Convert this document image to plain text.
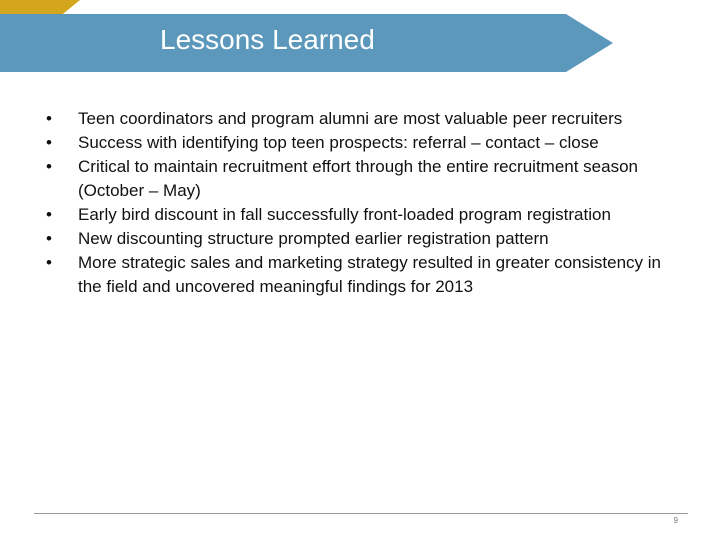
Lessons Learned
•	Teen coordinators and program alumni are most valuable peer recruiters
•	Success with identifying top teen prospects: referral – contact – close
•	Critical to maintain recruitment effort through the entire recruitment season (October – May)
•	Early bird discount in fall successfully front-loaded program registration
•	New discounting structure prompted earlier registration pattern
•	More strategic sales and marketing strategy resulted in greater consistency in the field and uncovered meaningful findings for 2013
9
